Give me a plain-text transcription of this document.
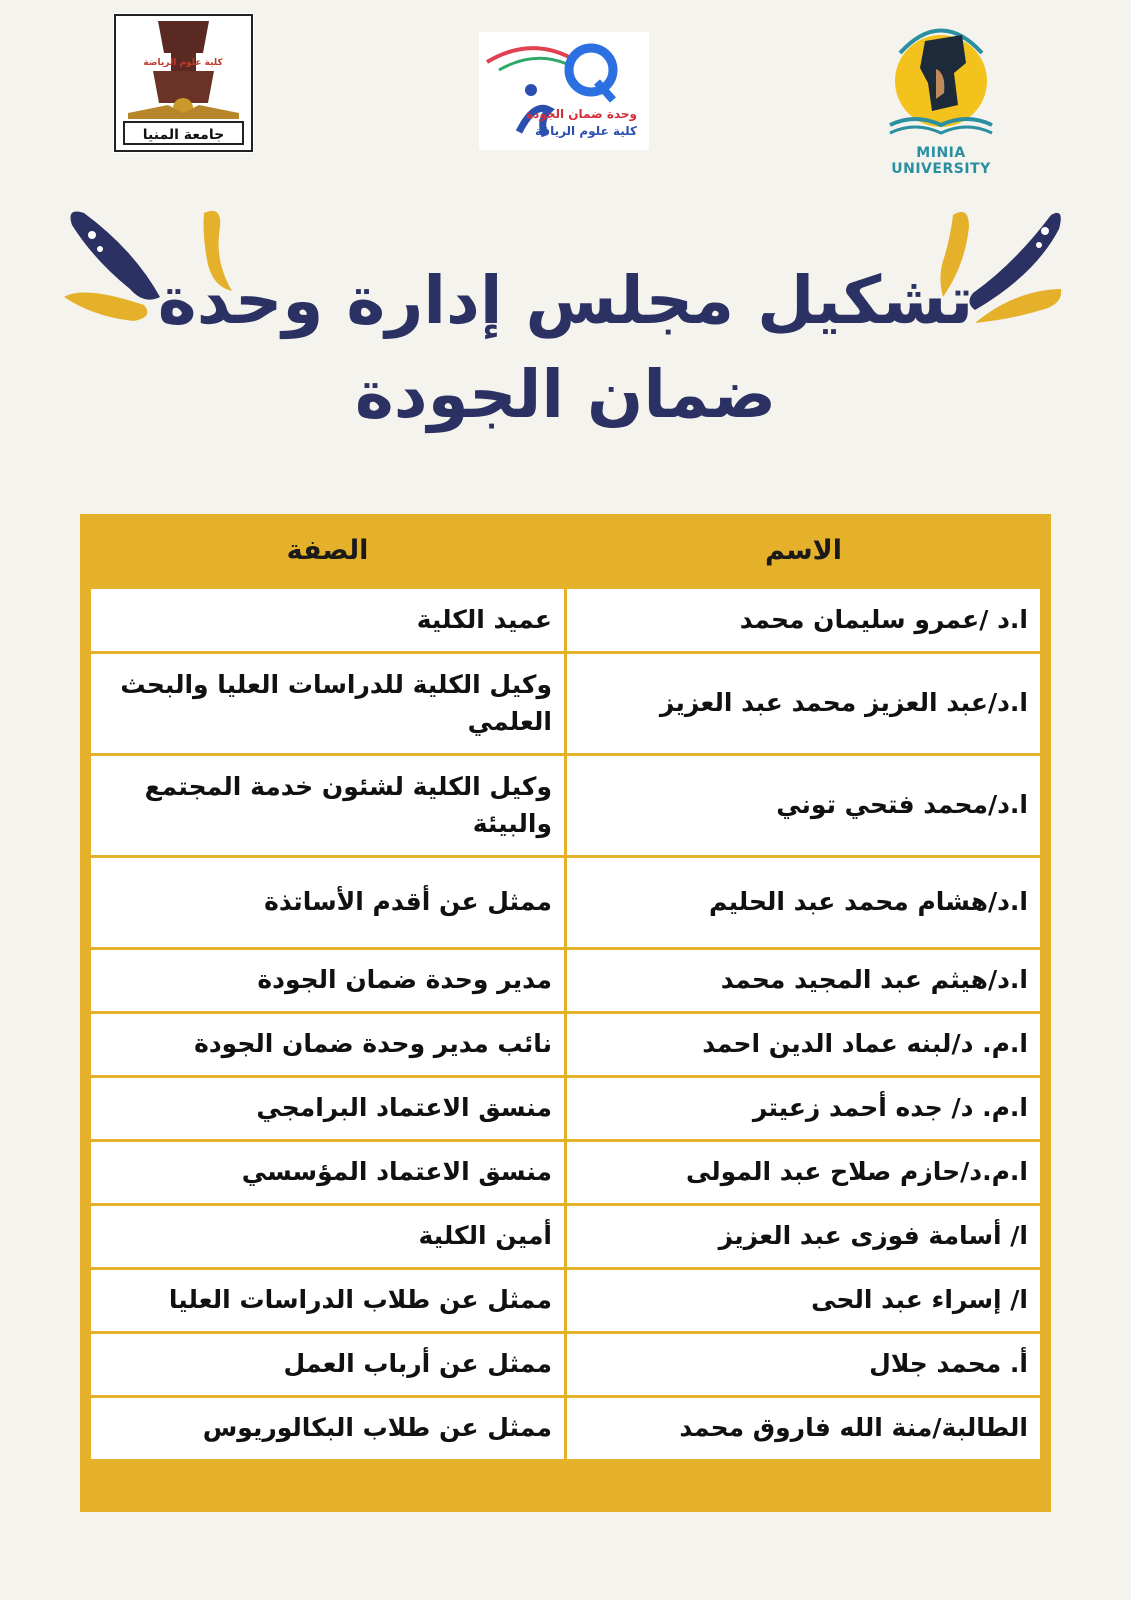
كلية علوم الرياضة
جامعة المنيا
وحدة ضمان الجودة
كلية علوم الرياقة
MINIA UNIVERSITY
تشكيل مجلس إدارة وحدة
ضمان الجودة
الاسم	الصفة
ا.د /عمرو سليمان محمد	عميد الكلية
ا.د/عبد العزيز محمد عبد العزيز	وكيل الكلية للدراسات العليا والبحث العلمي
ا.د/محمد فتحي توني	وكيل الكلية لشئون خدمة المجتمع والبيئة
ا.د/هشام محمد عبد الحليم	ممثل عن أقدم الأساتذة
ا.د/هيثم عبد المجيد محمد	مدير وحدة ضمان الجودة
ا.م. د/لبنه عماد الدين احمد	نائب مدير وحدة ضمان الجودة
ا.م. د/ جده أحمد زعيتر	منسق الاعتماد البرامجي
ا.م.د/حازم صلاح عبد المولى	منسق الاعتماد المؤسسي
ا/ أسامة فوزى عبد العزيز	أمين الكلية
ا/ إسراء عبد الحى	ممثل عن طلاب الدراسات العليا
أ. محمد جلال	ممثل عن أرباب العمل
الطالبة/منة الله فاروق محمد	ممثل عن طلاب البكالوريوس
